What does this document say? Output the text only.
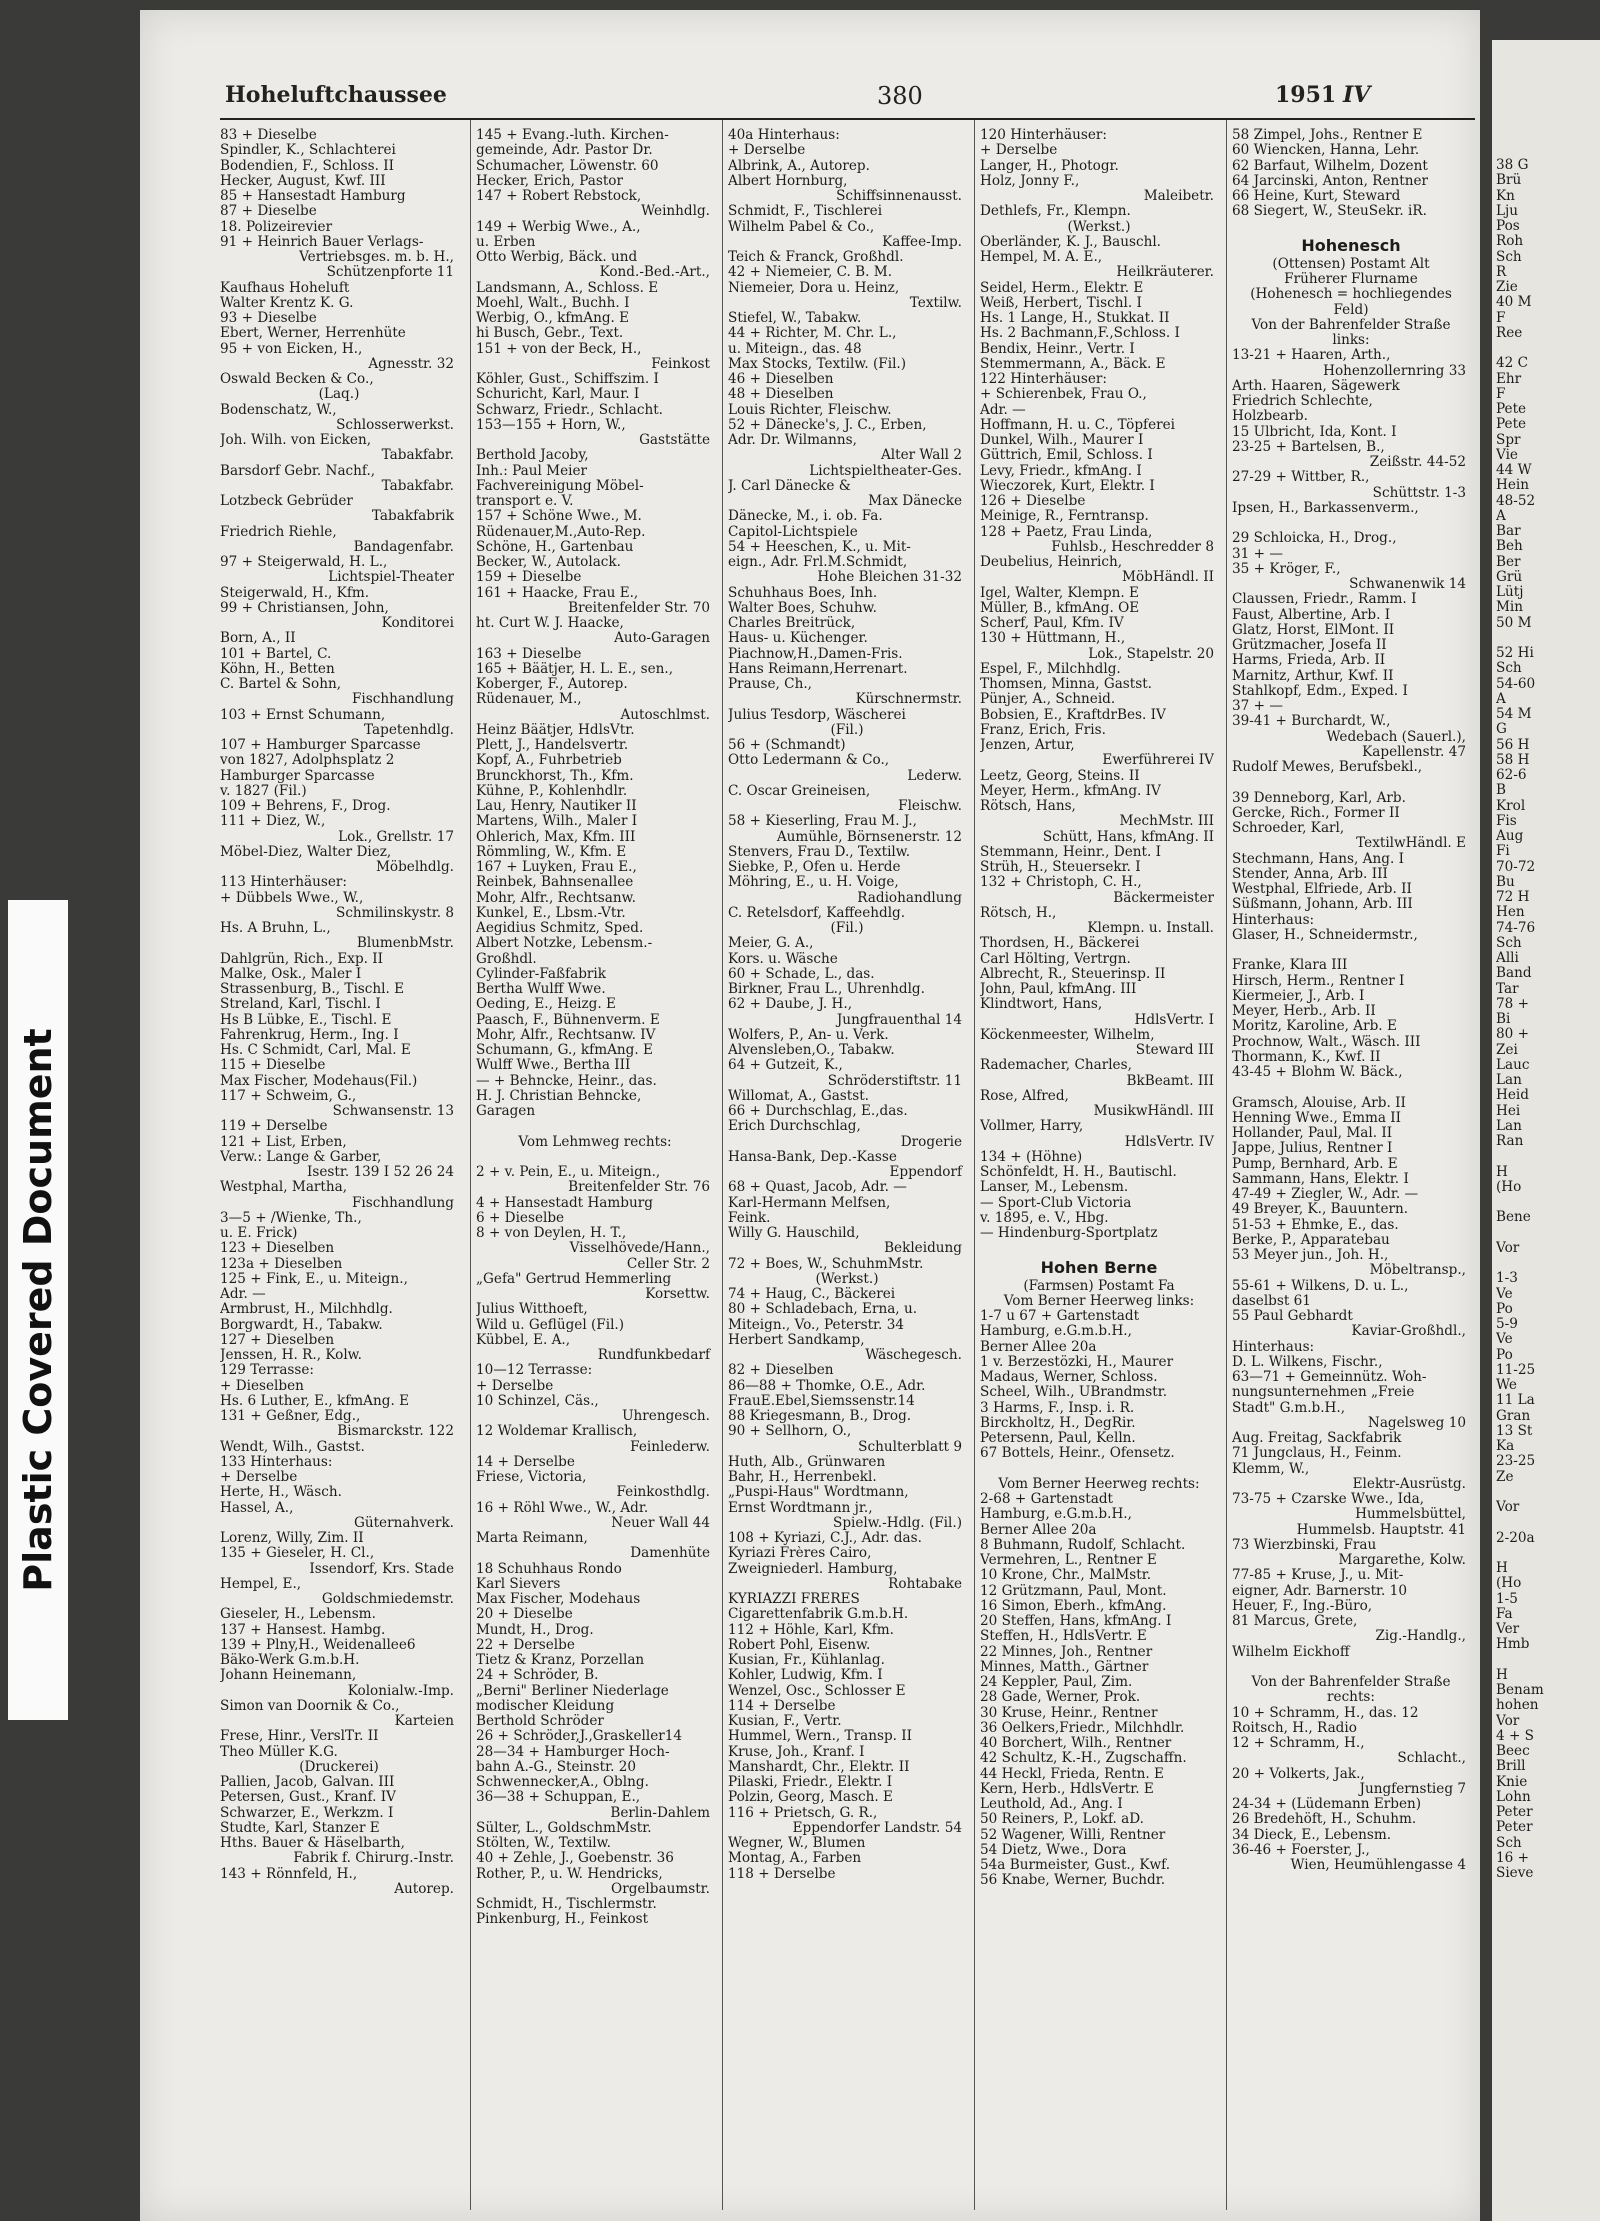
Plastic Covered Document
Hoheluftchaussee	380	1951 IV
83 + Dieselbe
Spindler, K., Schlachterei
Bodendien, F., Schloss. II
Hecker, August, Kwf. III
85 + Hansestadt Hamburg
87 + Dieselbe
18. Polizeirevier
91 + Heinrich Bauer Verlags-
Vertriebsges. m. b. H.,
Schützenpforte 11
Kaufhaus Hoheluft
Walter Krentz K. G.
93 + Dieselbe
Ebert, Werner, Herrenhüte
95 + von Eicken, H.,
Agnesstr. 32
Oswald Becken & Co.,
(Laq.)
Bodenschatz, W.,
Schlosserwerkst.
Joh. Wilh. von Eicken,
Tabakfabr.
Barsdorf Gebr. Nachf.,
Tabakfabr.
Lotzbeck Gebrüder
Tabakfabrik
Friedrich Riehle,
Bandagenfabr.
97 + Steigerwald, H. L.,
Lichtspiel-Theater
Steigerwald, H., Kfm.
99 + Christiansen, John,
Konditorei
Born, A., II
101 + Bartel, C.
Köhn, H., Betten
C. Bartel & Sohn,
Fischhandlung
103 + Ernst Schumann,
Tapetenhdlg.
107 + Hamburger Sparcasse
von 1827, Adolphsplatz 2
Hamburger Sparcasse
v. 1827 (Fil.)
109 + Behrens, F., Drog.
111 + Diez, W.,
Lok., Grellstr. 17
Möbel-Diez, Walter Diez,
Möbelhdlg.
113 Hinterhäuser:
+ Dübbels Wwe., W.,
Schmilinskystr. 8
Hs. A Bruhn, L.,
BlumenbMstr.
Dahlgrün, Rich., Exp. II
Malke, Osk., Maler I
Strassenburg, B., Tischl. E
Streland, Karl, Tischl. I
Hs B Lübke, E., Tischl. E
Fahrenkrug, Herm., Ing. I
Hs. C Schmidt, Carl, Mal. E
115 + Dieselbe
Max Fischer, Modehaus(Fil.)
117 + Schweim, G.,
Schwansenstr. 13
119 + Derselbe
121 + List, Erben,
Verw.: Lange & Garber,
Isestr. 139 I 52 26 24
Westphal, Martha,
Fischhandlung
3—5 + /Wienke, Th.,
u. E. Frick)
123 + Dieselben
123a + Dieselben
125 + Fink, E., u. Miteign.,
Adr. —
Armbrust, H., Milchhdlg.
Borgwardt, H., Tabakw.
127 + Dieselben
Jenssen, H. R., Kolw.
129 Terrasse:
+ Dieselben
Hs. 6 Luther, E., kfmAng. E
131 + Geßner, Edg.,
Bismarckstr. 122
Wendt, Wilh., Gastst.
133 Hinterhaus:
+ Derselbe
Herte, H., Wäsch.
Hassel, A.,
Güternahverk.
Lorenz, Willy, Zim. II
135 + Gieseler, H. Cl.,
Issendorf, Krs. Stade
Hempel, E.,
Goldschmiedemstr.
Gieseler, H., Lebensm.
137 + Hansest. Hambg.
139 + Plny,H., Weidenallee6
Bäko-Werk G.m.b.H.
Johann Heinemann,
Kolonialw.-Imp.
Simon van Doornik & Co.,
Karteien
Frese, Hinr., VerslTr. II
Theo Müller K.G.
(Druckerei)
Pallien, Jacob, Galvan. III
Petersen, Gust., Kranf. IV
Schwarzer, E., Werkzm. I
Studte, Karl, Stanzer E
Hths. Bauer & Häselbarth,
Fabrik f. Chirurg.-Instr.
143 + Rönnfeld, H.,
Autorep.
145 + Evang.-luth. Kirchen-
gemeinde, Adr. Pastor Dr.
Schumacher, Löwenstr. 60
Hecker, Erich, Pastor
147 + Robert Rebstock,
Weinhdlg.
149 + Werbig Wwe., A.,
u. Erben
Otto Werbig, Bäck. und
Kond.-Bed.-Art.,
Landsmann, A., Schloss. E
Moehl, Walt., Buchh. I
Werbig, O., kfmAng. E
hi Busch, Gebr., Text.
151 + von der Beck, H.,
Feinkost
Köhler, Gust., Schiffszim. I
Schuricht, Karl, Maur. I
Schwarz, Friedr., Schlacht.
153—155 + Horn, W.,
Gaststätte
Berthold Jacoby,
Inh.: Paul Meier
Fachvereinigung Möbel-
transport e. V.
157 + Schöne Wwe., M.
Rüdenauer,M.,Auto-Rep.
Schöne, H., Gartenbau
Becker, W., Autolack.
159 + Dieselbe
161 + Haacke, Frau E.,
Breitenfelder Str. 70
ht. Curt W. J. Haacke,
Auto-Garagen
163 + Dieselbe
165 + Bäätjer, H. L. E., sen.,
Koberger, F., Autorep.
Rüdenauer, M.,
Autoschlmst.
Heinz Bäätjer, HdlsVtr.
Plett, J., Handelsvertr.
Kopf, A., Fuhrbetrieb
Brunckhorst, Th., Kfm.
Kühne, P., Kohlenhdlr.
Lau, Henry, Nautiker II
Martens, Wilh., Maler I
Ohlerich, Max, Kfm. III
Römmling, W., Kfm. E
167 + Luyken, Frau E.,
Reinbek, Bahnsenallee
Mohr, Alfr., Rechtsanw.
Kunkel, E., Lbsm.-Vtr.
Aegidius Schmitz, Sped.
Albert Notzke, Lebensm.-
Großhdl.
Cylinder-Faßfabrik
Bertha Wulff Wwe.
Oeding, E., Heizg. E
Paasch, F., Bühnenverm. E
Mohr, Alfr., Rechtsanw. IV
Schumann, G., kfmAng. E
Wulff Wwe., Bertha III
— + Behncke, Heinr., das.
H. J. Christian Behncke,
Garagen

Vom Lehmweg rechts:

2 + v. Pein, E., u. Miteign.,
Breitenfelder Str. 76
4 + Hansestadt Hamburg
6 + Dieselbe
8 + von Deylen, H. T.,
Visselhövede/Hann.,
Celler Str. 2
„Gefa" Gertrud Hemmerling
Korsettw.
Julius Witthoeft,
Wild u. Geflügel (Fil.)
Kübbel, E. A.,
Rundfunkbedarf
10—12 Terrasse:
+ Derselbe
10 Schinzel, Cäs.,
Uhrengesch.
12 Woldemar Krallisch,
Feinlederw.
14 + Derselbe
Friese, Victoria,
Feinkosthdlg.
16 + Röhl Wwe., W., Adr.
Neuer Wall 44
Marta Reimann,
Damenhüte
18 Schuhhaus Rondo
Karl Sievers
Max Fischer, Modehaus
20 + Dieselbe
Mundt, H., Drog.
22 + Derselbe
Tietz & Kranz, Porzellan
24 + Schröder, B.
„Berni" Berliner Niederlage
modischer Kleidung
Berthold Schröder
26 + Schröder,J.,Graskeller14
28—34 + Hamburger Hoch-
bahn A.-G., Steinstr. 20
Schwennecker,A., Oblng.
36—38 + Schuppan, E.,
Berlin-Dahlem
Sülter, L., GoldschmMstr.
Stölten, W., Textilw.
40 + Zehle, J., Goebenstr. 36
Rother, P., u. W. Hendricks,
Orgelbaumstr.
Schmidt, H., Tischlermstr.
Pinkenburg, H., Feinkost
40a Hinterhaus:
+ Derselbe
Albrink, A., Autorep.
Albert Hornburg,
Schiffsinnenausst.
Schmidt, F., Tischlerei
Wilhelm Pabel & Co.,
Kaffee-Imp.
Teich & Franck, Großhdl.
42 + Niemeier, C. B. M.
Niemeier, Dora u. Heinz,
Textilw.
Stiefel, W., Tabakw.
44 + Richter, M. Chr. L.,
u. Miteign., das. 48
Max Stocks, Textilw. (Fil.)
46 + Dieselben
48 + Dieselben
Louis Richter, Fleischw.
52 + Dänecke's, J. C., Erben,
Adr. Dr. Wilmanns,
Alter Wall 2
Lichtspieltheater-Ges.
J. Carl Dänecke &
Max Dänecke
Dänecke, M., i. ob. Fa.
Capitol-Lichtspiele
54 + Heeschen, K., u. Mit-
eign., Adr. Frl.M.Schmidt,
Hohe Bleichen 31-32
Schuhhaus Boes, Inh.
Walter Boes, Schuhw.
Charles Breitrück,
Haus- u. Küchenger.
Piachnow,H.,Damen-Fris.
Hans Reimann,Herrenart.
Prause, Ch.,
Kürschnermstr.
Julius Tesdorp, Wäscherei
(Fil.)
56 + (Schmandt)
Otto Ledermann & Co.,
Lederw.
C. Oscar Greineisen,
Fleischw.
58 + Kieserling, Frau M. J.,
Aumühle, Börnsenerstr. 12
Stenvers, Frau D., Textilw.
Siebke, P., Ofen u. Herde
Möhring, E., u. H. Voige,
Radiohandlung
C. Retelsdorf, Kaffeehdlg.
(Fil.)
Meier, G. A.,
Kors. u. Wäsche
60 + Schade, L., das.
Birkner, Frau L., Uhrenhdlg.
62 + Daube, J. H.,
Jungfrauenthal 14
Wolfers, P., An- u. Verk.
Alvensleben,O., Tabakw.
64 + Gutzeit, K.,
Schröderstiftstr. 11
Willomat, A., Gastst.
66 + Durchschlag, E.,das.
Erich Durchschlag,
Drogerie
Hansa-Bank, Dep.-Kasse
Eppendorf
68 + Quast, Jacob, Adr. —
Karl-Hermann Melfsen,
Feink.
Willy G. Hauschild,
Bekleidung
72 + Boes, W., SchuhmMstr.
(Werkst.)
74 + Haug, C., Bäckerei
80 + Schladebach, Erna, u.
Miteign., Vo., Peterstr. 34
Herbert Sandkamp,
Wäschegesch.
82 + Dieselben
86—88 + Thomke, O.E., Adr.
FrauE.Ebel,Siemssenstr.14
88 Kriegesmann, B., Drog.
90 + Sellhorn, O.,
Schulterblatt 9
Huth, Alb., Grünwaren
Bahr, H., Herrenbekl.
„Puspi-Haus" Wordtmann,
Ernst Wordtmann jr.,
Spielw.-Hdlg. (Fil.)
108 + Kyriazi, C.J., Adr. das.
Kyriazi Frères Cairo,
Zweigniederl. Hamburg,
Rohtabake
KYRIAZZI FRERES
Cigarettenfabrik G.m.b.H.
112 + Höhle, Karl, Kfm.
Robert Pohl, Eisenw.
Kusian, Fr., Kühlanlag.
Kohler, Ludwig, Kfm. I
Wenzel, Osc., Schlosser E
114 + Derselbe
Kusian, F., Vertr.
Hummel, Wern., Transp. II
Kruse, Joh., Kranf. I
Manshardt, Chr., Elektr. II
Pilaski, Friedr., Elektr. I
Polzin, Georg, Masch. E
116 + Prietsch, G. R.,
Eppendorfer Landstr. 54
Wegner, W., Blumen
Montag, A., Farben
118 + Derselbe
120 Hinterhäuser:
+ Derselbe
Langer, H., Photogr.
Holz, Jonny F.,
Maleibetr.
Dethlefs, Fr., Klempn.
(Werkst.)
Oberländer, K. J., Bauschl.
Hempel, M. A. E.,
Heilkräuterer.
Seidel, Herm., Elektr. E
Weiß, Herbert, Tischl. I
Hs. 1 Lange, H., Stukkat. II
Hs. 2 Bachmann,F.,Schloss. I
Bendix, Heinr., Vertr. I
Stemmermann, A., Bäck. E
122 Hinterhäuser:
+ Schierenbek, Frau O.,
Adr. —
Hoffmann, H. u. C., Töpferei
Dunkel, Wilh., Maurer I
Güttrich, Emil, Schloss. I
Levy, Friedr., kfmAng. I
Wieczorek, Kurt, Elektr. I
126 + Dieselbe
Meinige, R., Ferntransp.
128 + Paetz, Frau Linda,
Fuhlsb., Heschredder 8
Deubelius, Heinrich,
MöbHändl. II
Igel, Walter, Klempn. E
Müller, B., kfmAng. OE
Scherf, Paul, Kfm. IV
130 + Hüttmann, H.,
Lok., Stapelstr. 20
Espel, F., Milchhdlg.
Thomsen, Minna, Gastst.
Pünjer, A., Schneid.
Bobsien, E., KraftdrBes. IV
Franz, Erich, Fris.
Jenzen, Artur,
Ewerführerei IV
Leetz, Georg, Steins. II
Meyer, Herm., kfmAng. IV
Rötsch, Hans,
MechMstr. III
Schütt, Hans, kfmAng. II
Stemmann, Heinr., Dent. I
Strüh, H., Steuersekr. I
132 + Christoph, C. H.,
Bäckermeister
Rötsch, H.,
Klempn. u. Install.
Thordsen, H., Bäckerei
Carl Hölting, Vertrgn.
Albrecht, R., Steuerinsp. II
John, Paul, kfmAng. III
Klindtwort, Hans,
HdlsVertr. I
Köckenmeester, Wilhelm,
Steward III
Rademacher, Charles,
BkBeamt. III
Rose, Alfred,
MusikwHändl. III
Vollmer, Harry,
HdlsVertr. IV
134 + (Höhne)
Schönfeldt, H. H., Bautischl.
Lanser, M., Lebensm.
— Sport-Club Victoria
v. 1895, e. V., Hbg.
— Hindenburg-Sportplatz

Hohen Berne
(Farmsen) Postamt Fa
Vom Berner Heerweg links:
1-7 u 67 + Gartenstadt
Hamburg, e.G.m.b.H.,
Berner Allee 20a
1 v. Berzestözki, H., Maurer
Madaus, Werner, Schloss.
Scheel, Wilh., UBrandmstr.
3 Harms, F., Insp. i. R.
Birckholtz, H., DegRir.
Petersenn, Paul, Kelln.
67 Bottels, Heinr., Ofensetz.

Vom Berner Heerweg rechts:
2-68 + Gartenstadt
Hamburg, e.G.m.b.H.,
Berner Allee 20a
8 Buhmann, Rudolf, Schlacht.
Vermehren, L., Rentner E
10 Krone, Chr., MalMstr.
12 Grützmann, Paul, Mont.
16 Simon, Eberh., kfmAng.
20 Steffen, Hans, kfmAng. I
Steffen, H., HdlsVertr. E
22 Minnes, Joh., Rentner
Minnes, Matth., Gärtner
24 Keppler, Paul, Zim.
28 Gade, Werner, Prok.
30 Kruse, Heinr., Rentner
36 Oelkers,Friedr., Milchhdlr.
40 Borchert, Wilh., Rentner
42 Schultz, K.-H., Zugschaffn.
44 Heckl, Frieda, Rentn. E
Kern, Herb., HdlsVertr. E
Leuthold, Ad., Ang. I
50 Reiners, P., Lokf. aD.
52 Wagener, Willi, Rentner
54 Dietz, Wwe., Dora
54a Burmeister, Gust., Kwf.
56 Knabe, Werner, Buchdr.
58 Zimpel, Johs., Rentner E
60 Wiencken, Hanna, Lehr.
62 Barfaut, Wilhelm, Dozent
64 Jarcinski, Anton, Rentner
66 Heine, Kurt, Steward
68 Siegert, W., SteuSekr. iR.

Hohenesch
(Ottensen) Postamt Alt
Früherer Flurname
(Hohenesch = hochliegendes
Feld)
Von der Bahrenfelder Straße
links:
13-21 + Haaren, Arth.,
Hohenzollernring 33
Arth. Haaren, Sägewerk
Friedrich Schlechte,
Holzbearb.
15 Ulbricht, Ida, Kont. I
23-25 + Bartelsen, B.,
Zeißstr. 44-52
27-29 + Wittber, R.,
Schüttstr. 1-3
Ipsen, H., Barkassenverm.,

29 Schloicka, H., Drog.,
31 + —
35 + Kröger, F.,
Schwanenwik 14
Claussen, Friedr., Ramm. I
Faust, Albertine, Arb. I
Glatz, Horst, ElMont. II
Grützmacher, Josefa II
Harms, Frieda, Arb. II
Marnitz, Arthur, Kwf. II
Stahlkopf, Edm., Exped. I
37 + —
39-41 + Burchardt, W.,
Wedebach (Sauerl.),
Kapellenstr. 47
Rudolf Mewes, Berufsbekl.,

39 Denneborg, Karl, Arb.
Gercke, Rich., Former II
Schroeder, Karl,
TextilwHändl. E
Stechmann, Hans, Ang. I
Stender, Anna, Arb. III
Westphal, Elfriede, Arb. II
Süßmann, Johann, Arb. III
Hinterhaus:
Glaser, H., Schneidermstr.,

Franke, Klara III
Hirsch, Herm., Rentner I
Kiermeier, J., Arb. I
Meyer, Herb., Arb. II
Moritz, Karoline, Arb. E
Prochnow, Walt., Wäsch. III
Thormann, K., Kwf. II
43-45 + Blohm W. Bäck.,

Gramsch, Alouise, Arb. II
Henning Wwe., Emma II
Hollander, Paul, Mal. II
Jappe, Julius, Rentner I
Pump, Bernhard, Arb. E
Sammann, Hans, Elektr. I
47-49 + Ziegler, W., Adr. —
49 Breyer, K., Bauuntern.
51-53 + Ehmke, E., das.
Berke, P., Apparatebau
53 Meyer jun., Joh. H.,
Möbeltransp.,
55-61 + Wilkens, D. u. L.,
daselbst 61
55 Paul Gebhardt
Kaviar-Großhdl.,
Hinterhaus:
D. L. Wilkens, Fischr.,
63—71 + Gemeinnütz. Woh-
nungsunternehmen „Freie
Stadt" G.m.b.H.,
Nagelsweg 10
Aug. Freitag, Sackfabrik
71 Jungclaus, H., Feinm.
Klemm, W.,
Elektr-Ausrüstg.
73-75 + Czarske Wwe., Ida,
Hummelsbüttel,
Hummelsb. Hauptstr. 41
73 Wierzbinski, Frau
Margarethe, Kolw.
77-85 + Kruse, J., u. Mit-
eigner, Adr. Barnerstr. 10
Heuer, F., Ing.-Büro,
81 Marcus, Grete,
Zig.-Handlg.,
Wilhelm Eickhoff

Von der Bahrenfelder Straße
rechts:
10 + Schramm, H., das. 12
Roitsch, H., Radio
12 + Schramm, H.,
Schlacht.,
20 + Volkerts, Jak.,
Jungfernstieg 7
24-34 + (Lüdemann Erben)
26 Bredehöft, H., Schuhm.
34 Dieck, E., Lebensm.
36-46 + Foerster, J.,
Wien, Heumühlengasse 4
38 G
Brü
Kn
Lju
Pos
Roh
Sch
R
Zie
40 M
F
Ree

42 C
Ehr
F
Pete
Pete
Spr
Vie
44 W
Hein
48-52
A
Bar
Beh
Ber
Grü
Lütj
Min
50 M

52 Hi
Sch
54-60
A
54 M
G
56 H
58 H
62-6
B
Krol
Fis
Aug
Fi
70-72
Bu
72 H
Hen
74-76
Sch
Alli
Band
Tar
78 +
Bi
80 +
Zei
Lauc
Lan
Heid
Hei
Lan
Ran

H
(Ho

Bene

Vor

1-3
Ve
Po
5-9
Ve
Po
11-25
We
11 La
Gran
13 St
Ka
23-25
Ze

Vor

2-20a

H
(Ho
1-5
Fa
Ver
Hmb

H
Benam
hohen
Vor
4 + S
Beec
Brill
Knie
Lohn
Peter
Peter
Sch
16 +
Sieve
